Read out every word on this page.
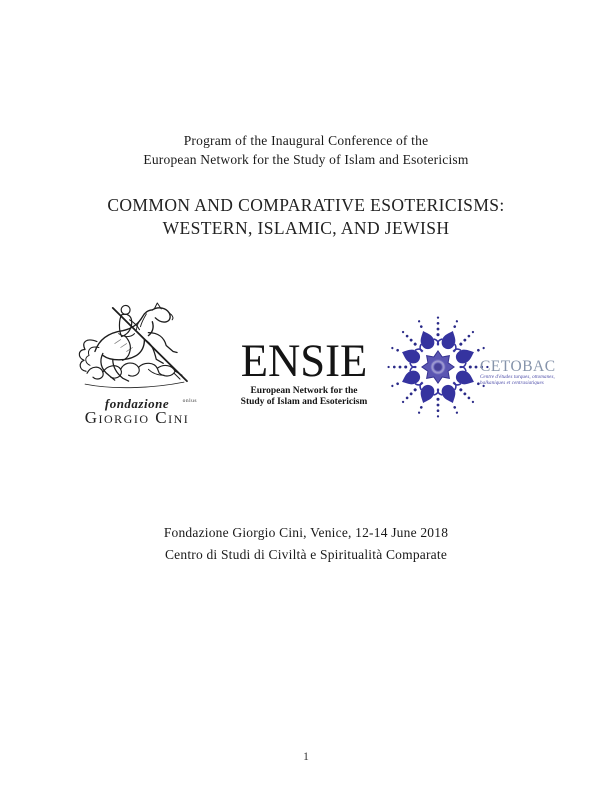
Program of the Inaugural Conference of the
European Network for the Study of Islam and Esotericism
COMMON AND COMPARATIVE ESOTERICISMS:
WESTERN, ISLAMIC, AND JEWISH
fondazione onlus
Giorgio Cini
ENSIE
European Network for the
Study of Islam and Esotericism
CETOBAC
Centre d'études turques, ottomanes,
balkaniques et centrasiatiques
Fondazione Giorgio Cini, Venice, 12-14 June 2018
Centro di Studi di Civiltà e Spiritualità Comparate
1
